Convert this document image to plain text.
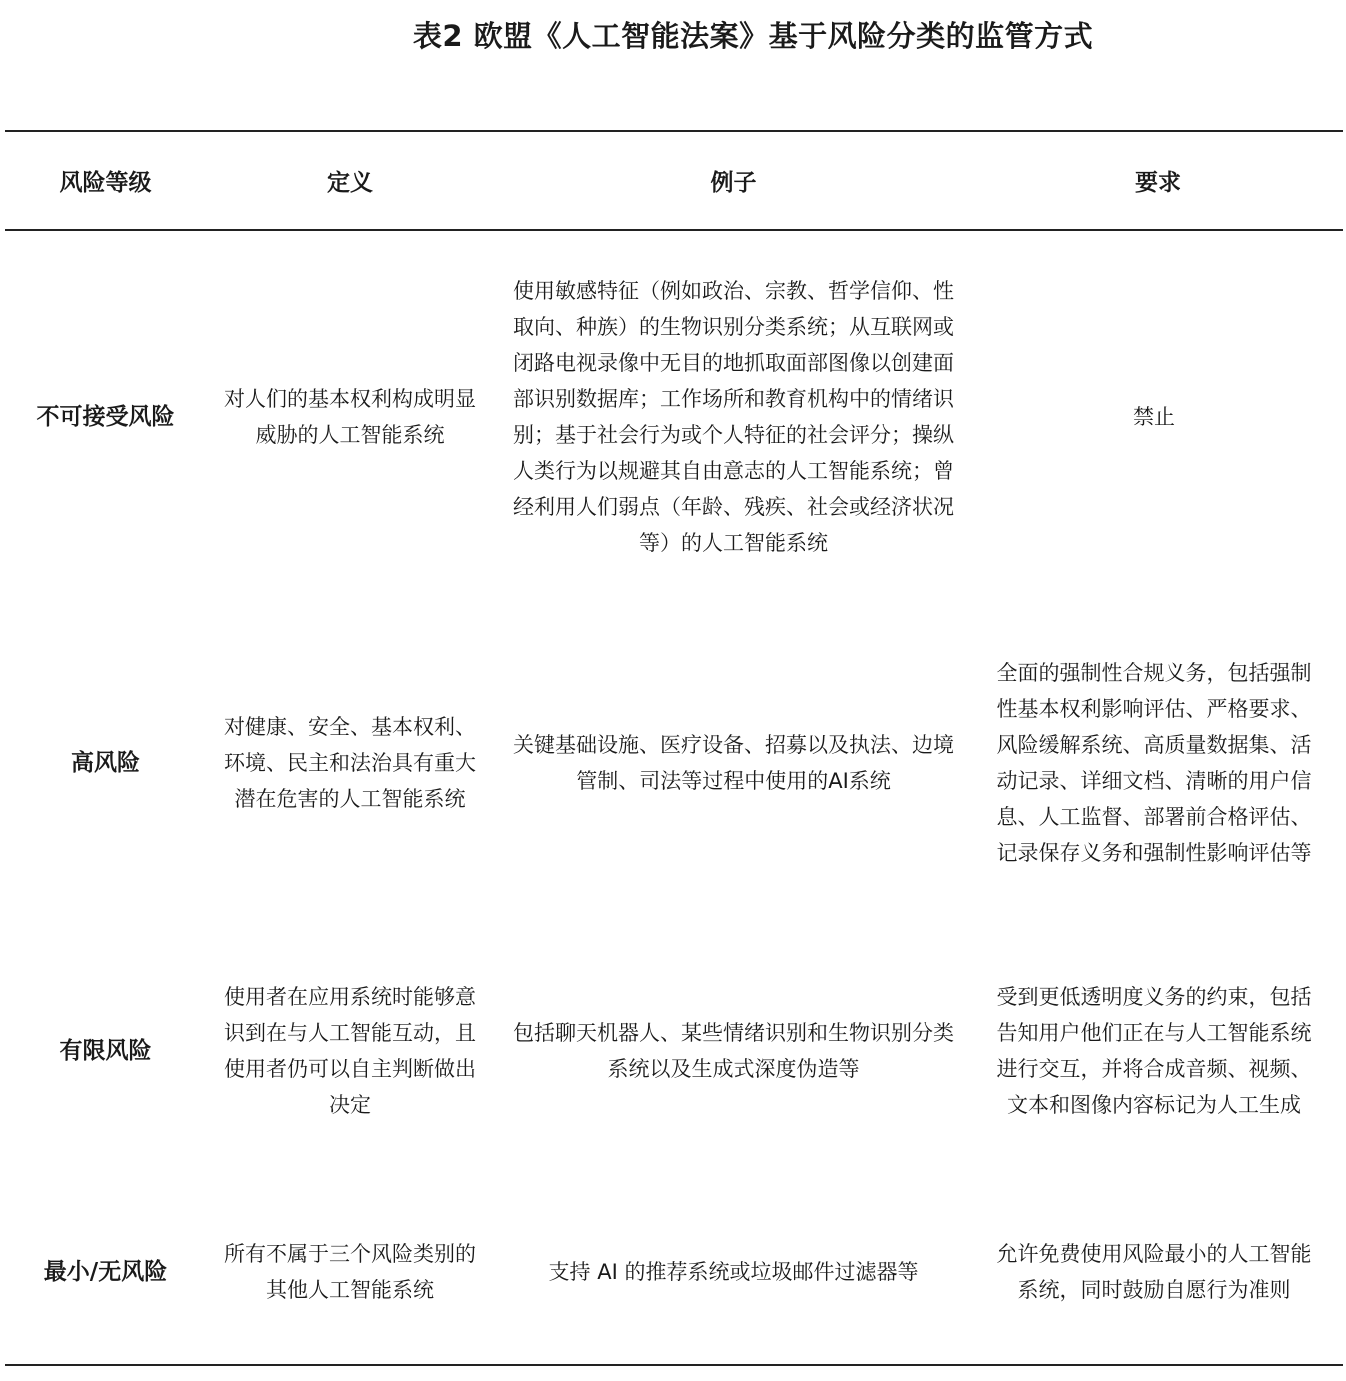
表2 欧盟《人工智能法案》基于风险分类的监管方式
风险等级	定义	例子	要求
不可接受风险	对人们的基本权利构成明显威胁的人工智能系统	使用敏感特征（例如政治、宗教、哲学信仰、性取向、种族）的生物识别分类系统；从互联网或闭路电视录像中无目的地抓取面部图像以创建面部识别数据库；工作场所和教育机构中的情绪识别；基于社会行为或个人特征的社会评分；操纵人类行为以规避其自由意志的人工智能系统；曾经利用人们弱点（年龄、残疾、社会或经济状况等）的人工智能系统	禁止
高风险	对健康、安全、基本权利、环境、民主和法治具有重大潜在危害的人工智能系统	关键基础设施、医疗设备、招募以及执法、边境管制、司法等过程中使用的AI系统	全面的强制性合规义务，包括强制性基本权利影响评估、严格要求、风险缓解系统、高质量数据集、活动记录、详细文档、清晰的用户信息、人工监督、部署前合格评估、记录保存义务和强制性影响评估等
有限风险	使用者在应用系统时能够意识到在与人工智能互动，且使用者仍可以自主判断做出决定	包括聊天机器人、某些情绪识别和生物识别分类系统以及生成式深度伪造等	受到更低透明度义务的约束，包括告知用户他们正在与人工智能系统进行交互，并将合成音频、视频、文本和图像内容标记为人工生成
最小/无风险	所有不属于三个风险类别的其他人工智能系统	支持 AI 的推荐系统或垃圾邮件过滤器等	允许免费使用风险最小的人工智能系统，同时鼓励自愿行为准则
